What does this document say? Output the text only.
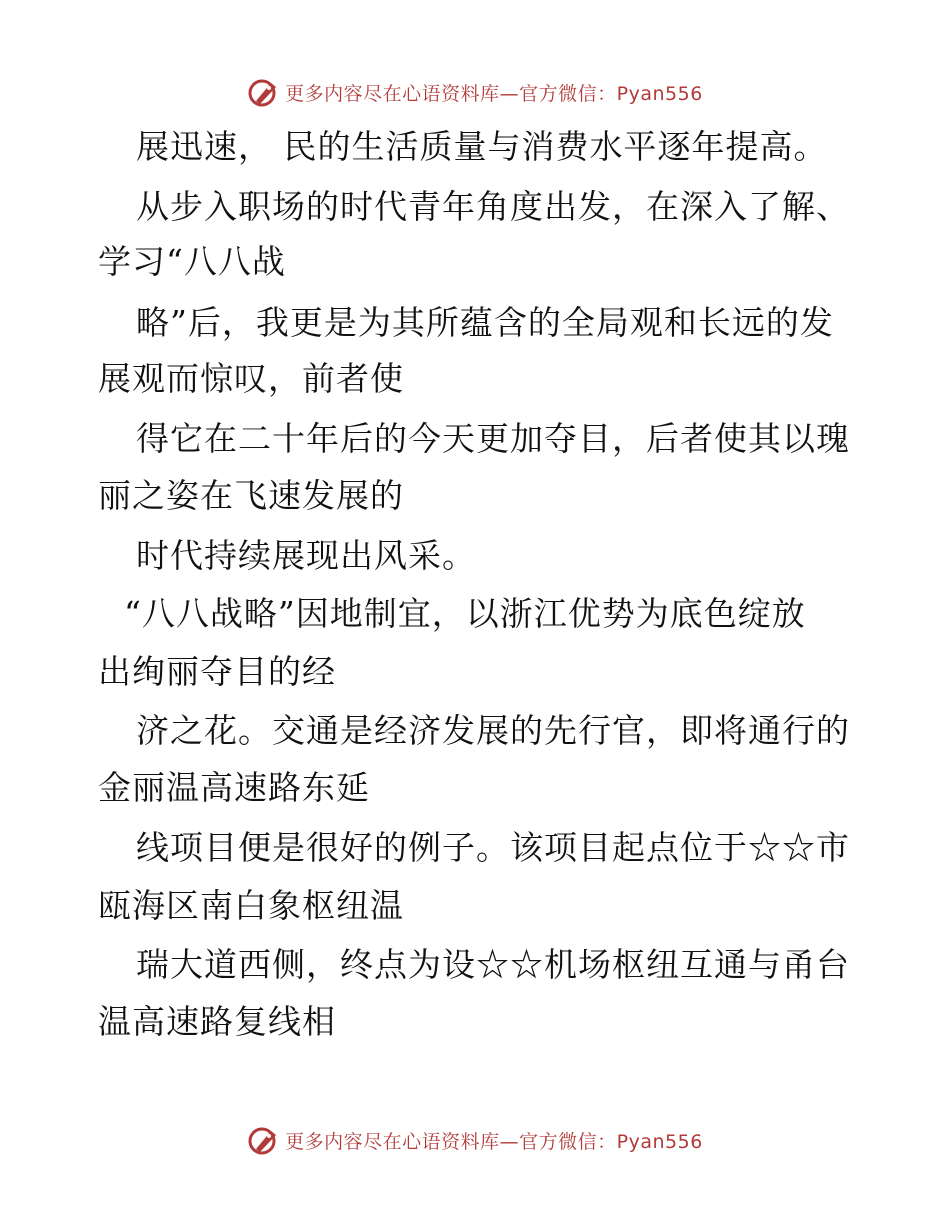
更多内容尽在心语资料库—官方微信：Pyan556
展迅速， 民的生活质量与消费水平逐年提高。
从步入职场的时代青年角度出发，在深入了解、
学习“八八战
略”后，我更是为其所蕴含的全局观和长远的发
展观而惊叹，前者使
得它在二十年后的今天更加夺目，后者使其以瑰
丽之姿在飞速发展的
时代持续展现出风采。
“八八战略”因地制宜，以浙江优势为底色绽放
出绚丽夺目的经
济之花。交通是经济发展的先行官，即将通行的
金丽温高速路东延
线项目便是很好的例子。该项目起点位于☆☆市
瓯海区南白象枢纽温
瑞大道西侧，终点为设☆☆机场枢纽互通与甬台
温高速路复线相
更多内容尽在心语资料库—官方微信：Pyan556
